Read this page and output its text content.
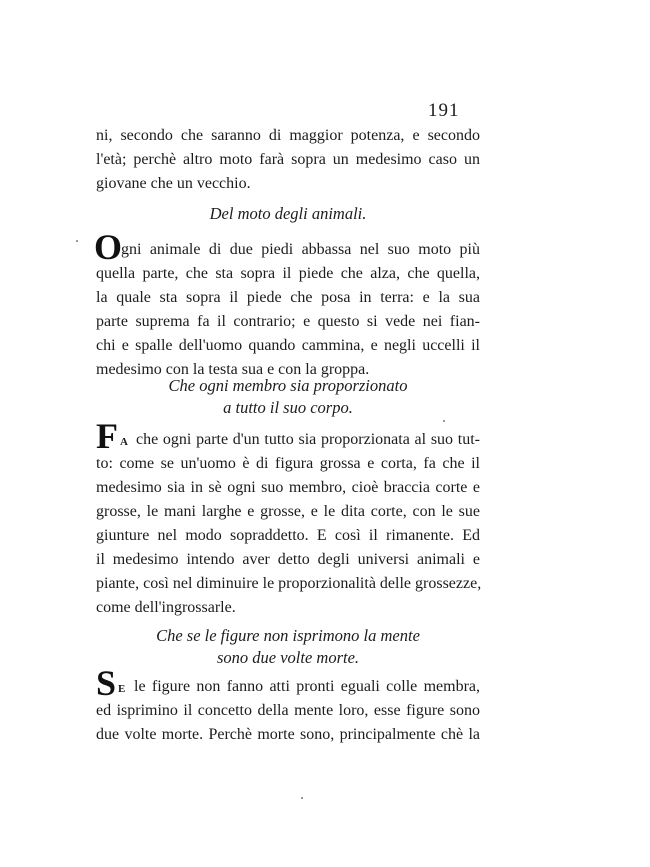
191
ni, secondo che saranno di maggior potenza, e secondo
l'età; perchè altro moto farà sopra un medesimo caso un
giovane che un vecchio.
Del moto degli animali.
O
gni animale di due piedi abbassa nel suo moto più
quella parte, che sta sopra il piede che alza, che quella,
la quale sta sopra il piede che posa in terra: e la sua
parte suprema fa il contrario; e questo si vede nei fian-
chi e spalle dell'uomo quando cammina, e negli uccelli il
medesimo con la testa sua e con la groppa.
Che ogni membro sia proporzionato
a tutto il suo corpo.
F A che ogni parte d'un tutto sia proporzionata al suo tut-
to: come se un'uomo è di figura grossa e corta, fa che il
medesimo sia in sè ogni suo membro, cioè braccia corte e
grosse, le mani larghe e grosse, e le dita corte, con le sue
giunture nel modo sopraddetto. E così il rimanente. Ed
il medesimo intendo aver detto degli universi animali e
piante, così nel diminuire le proporzionalità delle grossezze,
come dell'ingrossarle.
Che se le figure non isprimono la mente
sono due volte morte.
S E le figure non fanno atti pronti eguali colle membra,
ed isprimino il concetto della mente loro, esse figure sono
due volte morte. Perchè morte sono, principalmente chè la
